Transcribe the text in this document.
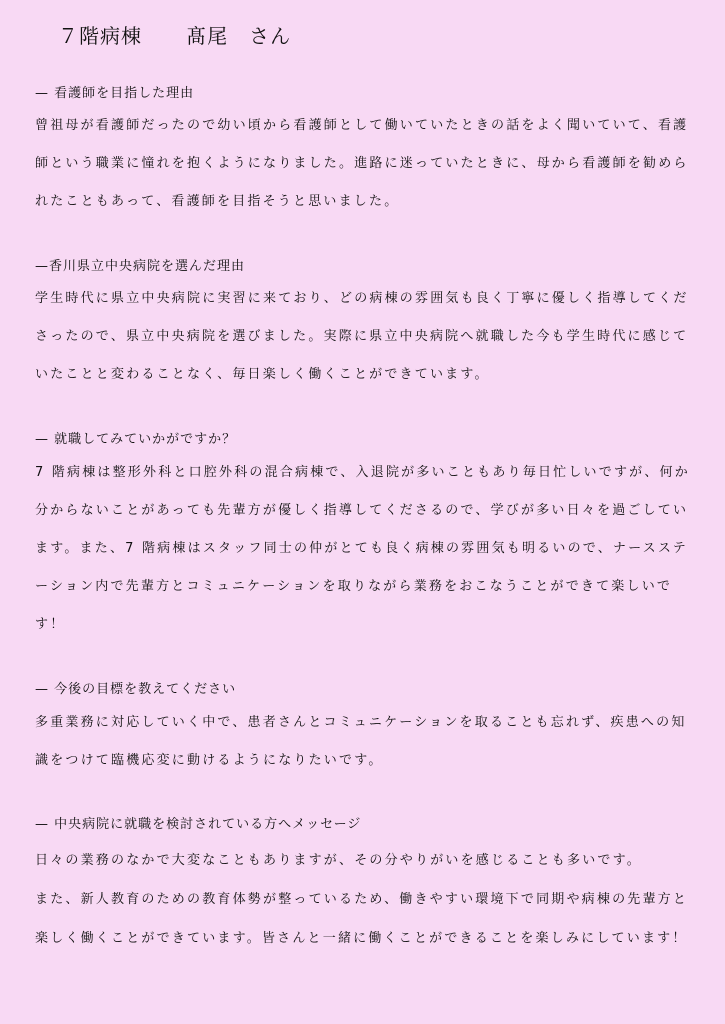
７階病棟 髙尾　さん
— 看護師を目指した理由
曾祖母が看護師だったので幼い頃から看護師として働いていたときの話をよく聞いていて、看護
師という職業に憧れを抱くようになりました。進路に迷っていたときに、母から看護師を勧めら
れたこともあって、看護師を目指そうと思いました。
—香川県立中央病院を選んだ理由
学生時代に県立中央病院に実習に来ており、どの病棟の雰囲気も良く丁寧に優しく指導してくだ
さったので、県立中央病院を選びました。実際に県立中央病院へ就職した今も学生時代に感じて
いたことと変わることなく、毎日楽しく働くことができています。
— 就職してみていかがですか？
7 階病棟は整形外科と口腔外科の混合病棟で、入退院が多いこともあり毎日忙しいですが、何か
分からないことがあっても先輩方が優しく指導してくださるので、学びが多い日々を過ごしてい
ます。また、7 階病棟はスタッフ同士の仲がとても良く病棟の雰囲気も明るいので、ナースステ
ーション内で先輩方とコミュニケーションを取りながら業務をおこなうことができて楽しいで
す！
— 今後の目標を教えてください
多重業務に対応していく中で、患者さんとコミュニケーションを取ることも忘れず、疾患への知
識をつけて臨機応変に動けるようになりたいです。
— 中央病院に就職を検討されている方へメッセージ
日々の業務のなかで大変なこともありますが、その分やりがいを感じることも多いです。
また、新人教育のための教育体勢が整っているため、働きやすい環境下で同期や病棟の先輩方と
楽しく働くことができています。皆さんと一緒に働くことができることを楽しみにしています！
